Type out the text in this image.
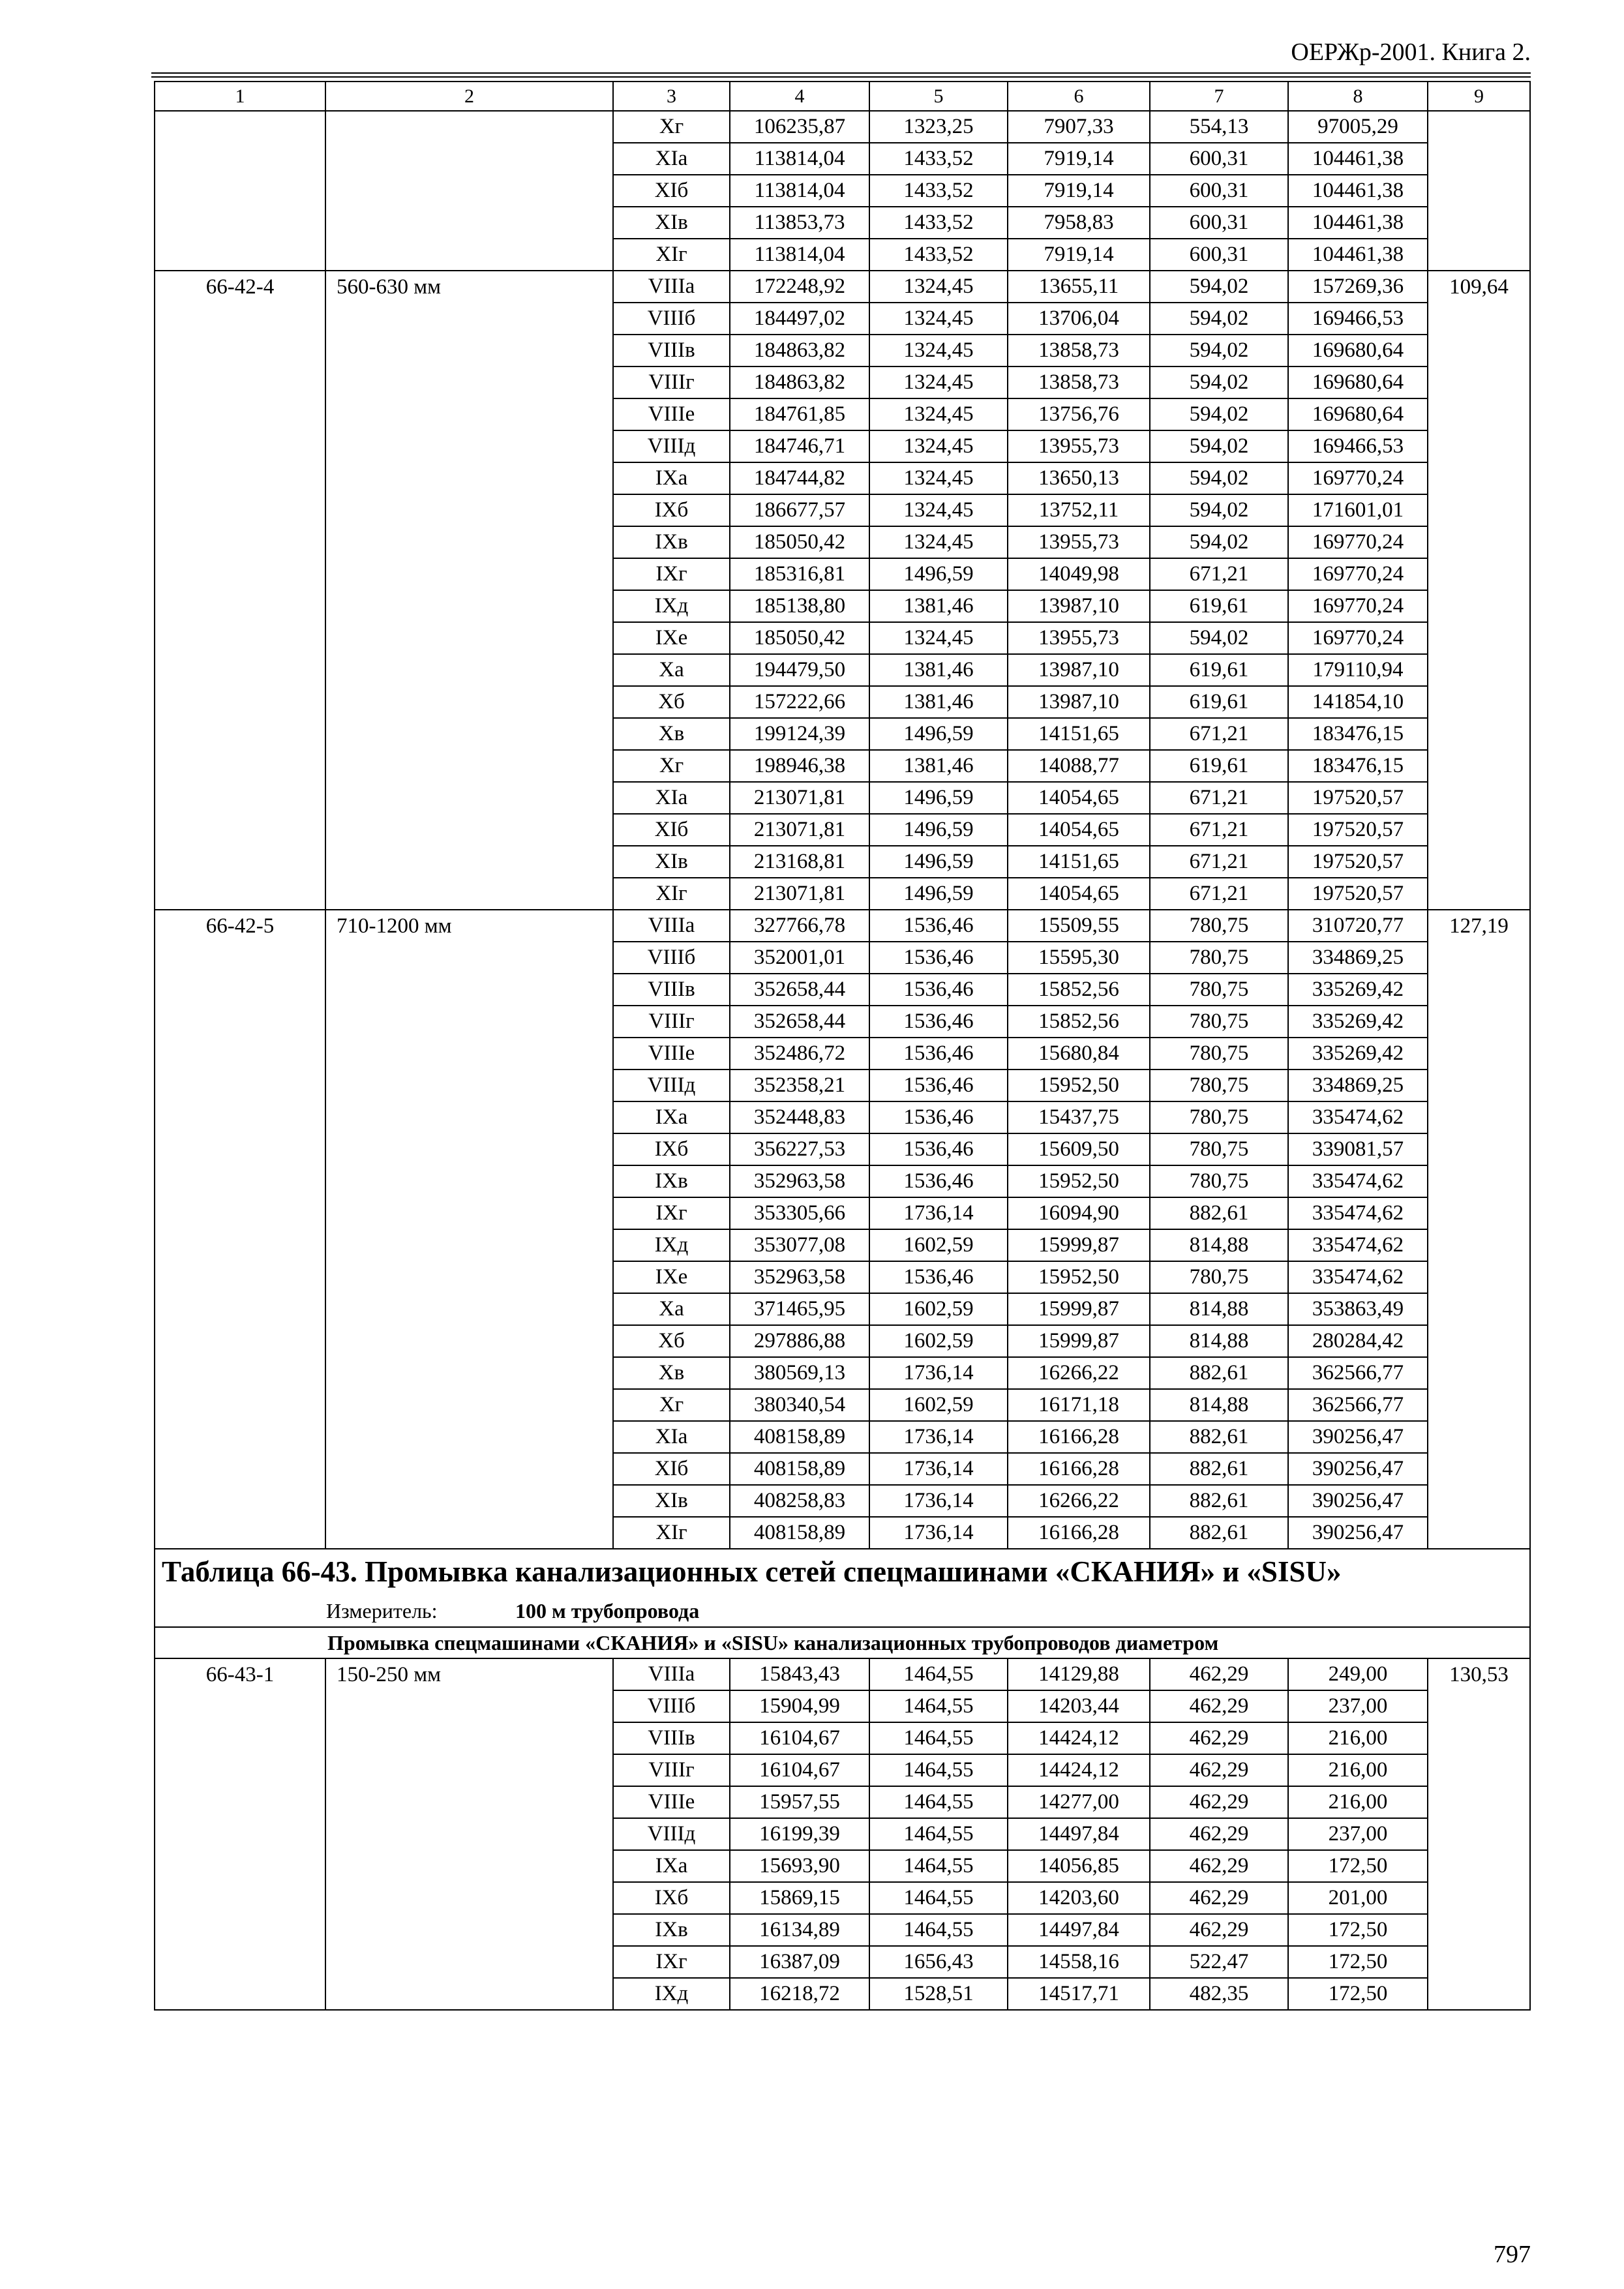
ОЕРЖр-2001. Книга 2.
1	2	3	4	5	6	7	8	9
		Xг	106235,87	1323,25	7907,33	554,13	97005,29	
		XIa	113814,04	1433,52	7919,14	600,31	104461,38	
		XIб	113814,04	1433,52	7919,14	600,31	104461,38	
		XIв	113853,73	1433,52	7958,83	600,31	104461,38	
		XIг	113814,04	1433,52	7919,14	600,31	104461,38	
66-42-4	560-630 мм	VIIIa	172248,92	1324,45	13655,11	594,02	157269,36	109,64
		VIIIб	184497,02	1324,45	13706,04	594,02	169466,53	
		VIIIв	184863,82	1324,45	13858,73	594,02	169680,64	
		VIIIг	184863,82	1324,45	13858,73	594,02	169680,64	
		VIIIе	184761,85	1324,45	13756,76	594,02	169680,64	
		VIIIд	184746,71	1324,45	13955,73	594,02	169466,53	
		IXa	184744,82	1324,45	13650,13	594,02	169770,24	
		IXб	186677,57	1324,45	13752,11	594,02	171601,01	
		IXв	185050,42	1324,45	13955,73	594,02	169770,24	
		IXг	185316,81	1496,59	14049,98	671,21	169770,24	
		IXд	185138,80	1381,46	13987,10	619,61	169770,24	
		IXе	185050,42	1324,45	13955,73	594,02	169770,24	
		Xa	194479,50	1381,46	13987,10	619,61	179110,94	
		Xб	157222,66	1381,46	13987,10	619,61	141854,10	
		Xв	199124,39	1496,59	14151,65	671,21	183476,15	
		Xг	198946,38	1381,46	14088,77	619,61	183476,15	
		XIa	213071,81	1496,59	14054,65	671,21	197520,57	
		XIб	213071,81	1496,59	14054,65	671,21	197520,57	
		XIв	213168,81	1496,59	14151,65	671,21	197520,57	
		XIг	213071,81	1496,59	14054,65	671,21	197520,57	
66-42-5	710-1200 мм	VIIIa	327766,78	1536,46	15509,55	780,75	310720,77	127,19
		VIIIб	352001,01	1536,46	15595,30	780,75	334869,25	
		VIIIв	352658,44	1536,46	15852,56	780,75	335269,42	
		VIIIг	352658,44	1536,46	15852,56	780,75	335269,42	
		VIIIе	352486,72	1536,46	15680,84	780,75	335269,42	
		VIIIд	352358,21	1536,46	15952,50	780,75	334869,25	
		IXa	352448,83	1536,46	15437,75	780,75	335474,62	
		IXб	356227,53	1536,46	15609,50	780,75	339081,57	
		IXв	352963,58	1536,46	15952,50	780,75	335474,62	
		IXг	353305,66	1736,14	16094,90	882,61	335474,62	
		IXд	353077,08	1602,59	15999,87	814,88	335474,62	
		IXе	352963,58	1536,46	15952,50	780,75	335474,62	
		Xa	371465,95	1602,59	15999,87	814,88	353863,49	
		Xб	297886,88	1602,59	15999,87	814,88	280284,42	
		Xв	380569,13	1736,14	16266,22	882,61	362566,77	
		Xг	380340,54	1602,59	16171,18	814,88	362566,77	
		XIa	408158,89	1736,14	16166,28	882,61	390256,47	
		XIб	408158,89	1736,14	16166,28	882,61	390256,47	
		XIв	408258,83	1736,14	16266,22	882,61	390256,47	
		XIг	408158,89	1736,14	16166,28	882,61	390256,47	
Таблица 66-43. Промывка канализационных сетей спецмашинами «СКАНИЯ» и «SISU»								
Измеритель: 100 м трубопровода								
Промывка спецмашинами «СКАНИЯ» и «SISU» канализационных трубопроводов диаметром								
66-43-1	150-250 мм	VIIIa	15843,43	1464,55	14129,88	462,29	249,00	130,53
		VIIIб	15904,99	1464,55	14203,44	462,29	237,00	
		VIIIв	16104,67	1464,55	14424,12	462,29	216,00	
		VIIIг	16104,67	1464,55	14424,12	462,29	216,00	
		VIIIе	15957,55	1464,55	14277,00	462,29	216,00	
		VIIIд	16199,39	1464,55	14497,84	462,29	237,00	
		IXa	15693,90	1464,55	14056,85	462,29	172,50	
		IXб	15869,15	1464,55	14203,60	462,29	201,00	
		IXв	16134,89	1464,55	14497,84	462,29	172,50	
		IXг	16387,09	1656,43	14558,16	522,47	172,50	
		IXд	16218,72	1528,51	14517,71	482,35	172,50	
797
